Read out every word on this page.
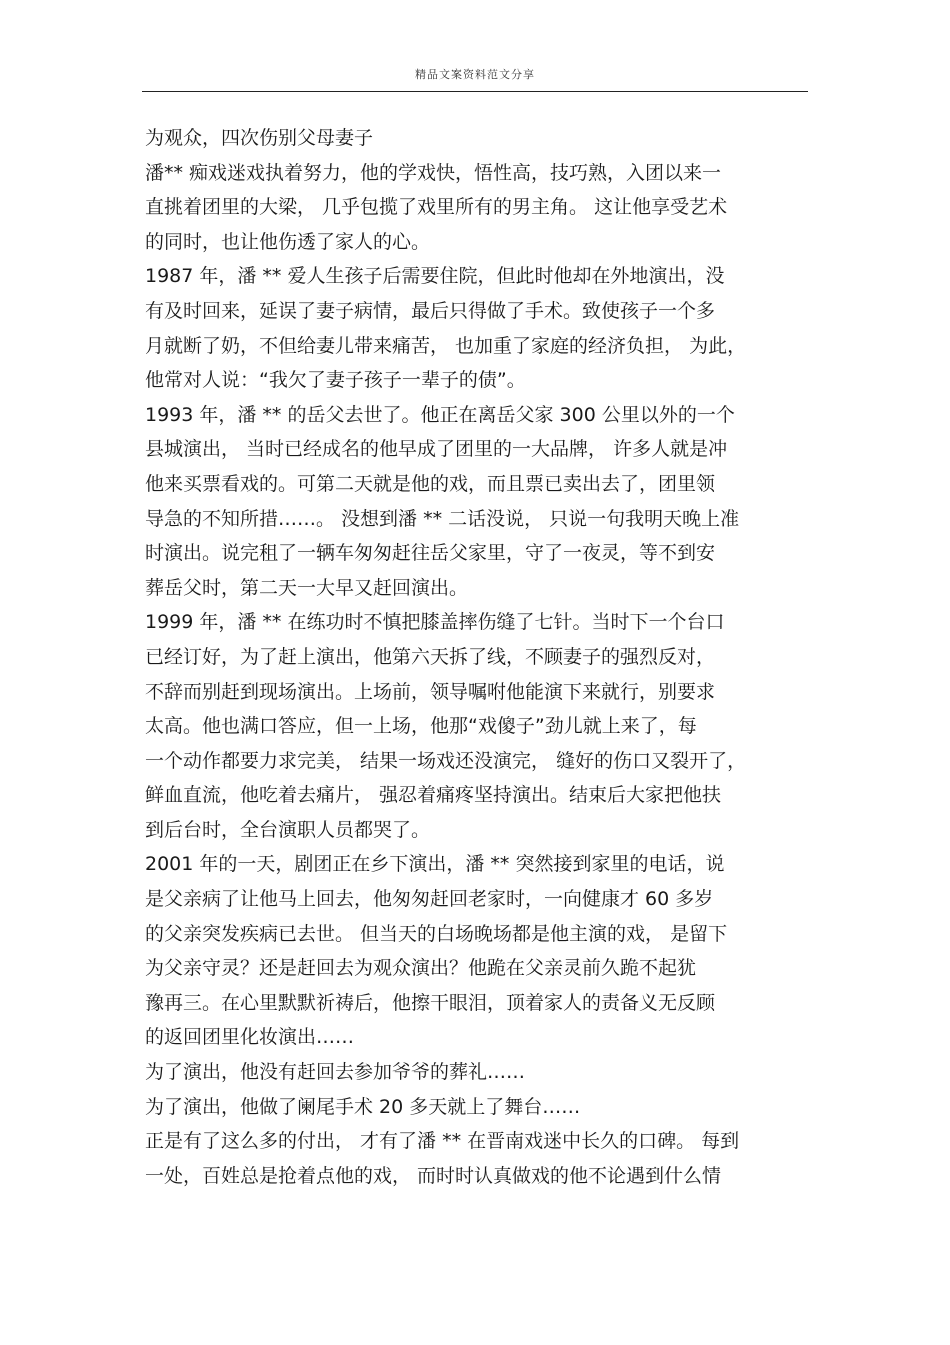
精品文案资料范文分享
为观众，四次伤别父母妻子
潘** 痴戏迷戏执着努力，他的学戏快，悟性高，技巧熟，入团以来一
直挑着团里的大梁， 几乎包揽了戏里所有的男主角。 这让他享受艺术
的同时，也让他伤透了家人的心。
1987 年，潘 ** 爱人生孩子后需要住院，但此时他却在外地演出，没
有及时回来，延误了妻子病情，最后只得做了手术。致使孩子一个多
月就断了奶，不但给妻儿带来痛苦， 也加重了家庭的经济负担， 为此，
他常对人说：“我欠了妻子孩子一辈子的债”。
1993 年，潘 ** 的岳父去世了。他正在离岳父家 300 公里以外的一个
县城演出， 当时已经成名的他早成了团里的一大品牌， 许多人就是冲
他来买票看戏的。可第二天就是他的戏，而且票已卖出去了，团里领
导急的不知所措……。 没想到潘 ** 二话没说， 只说一句我明天晚上准
时演出。说完租了一辆车匆匆赶往岳父家里，守了一夜灵，等不到安
葬岳父时，第二天一大早又赶回演出。
1999 年，潘 ** 在练功时不慎把膝盖摔伤缝了七针。当时下一个台口
已经订好，为了赶上演出，他第六天拆了线，不顾妻子的强烈反对，
不辞而别赶到现场演出。上场前，领导嘱咐他能演下来就行，别要求
太高。他也满口答应，但一上场，他那“戏傻子”劲儿就上来了，每
一个动作都要力求完美， 结果一场戏还没演完， 缝好的伤口又裂开了，
鲜血直流，他吃着去痛片， 强忍着痛疼坚持演出。结束后大家把他扶
到后台时，全台演职人员都哭了。
2001 年的一天，剧团正在乡下演出，潘 ** 突然接到家里的电话，说
是父亲病了让他马上回去，他匆匆赶回老家时，一向健康才 60 多岁
的父亲突发疾病已去世。 但当天的白场晚场都是他主演的戏， 是留下
为父亲守灵？还是赶回去为观众演出？他跪在父亲灵前久跪不起犹
豫再三。在心里默默祈祷后，他擦干眼泪，顶着家人的责备义无反顾
的返回团里化妆演出……
为了演出，他没有赶回去参加爷爷的葬礼……
为了演出，他做了阑尾手术 20 多天就上了舞台……
正是有了这么多的付出， 才有了潘 ** 在晋南戏迷中长久的口碑。 每到
一处，百姓总是抢着点他的戏， 而时时认真做戏的他不论遇到什么情
